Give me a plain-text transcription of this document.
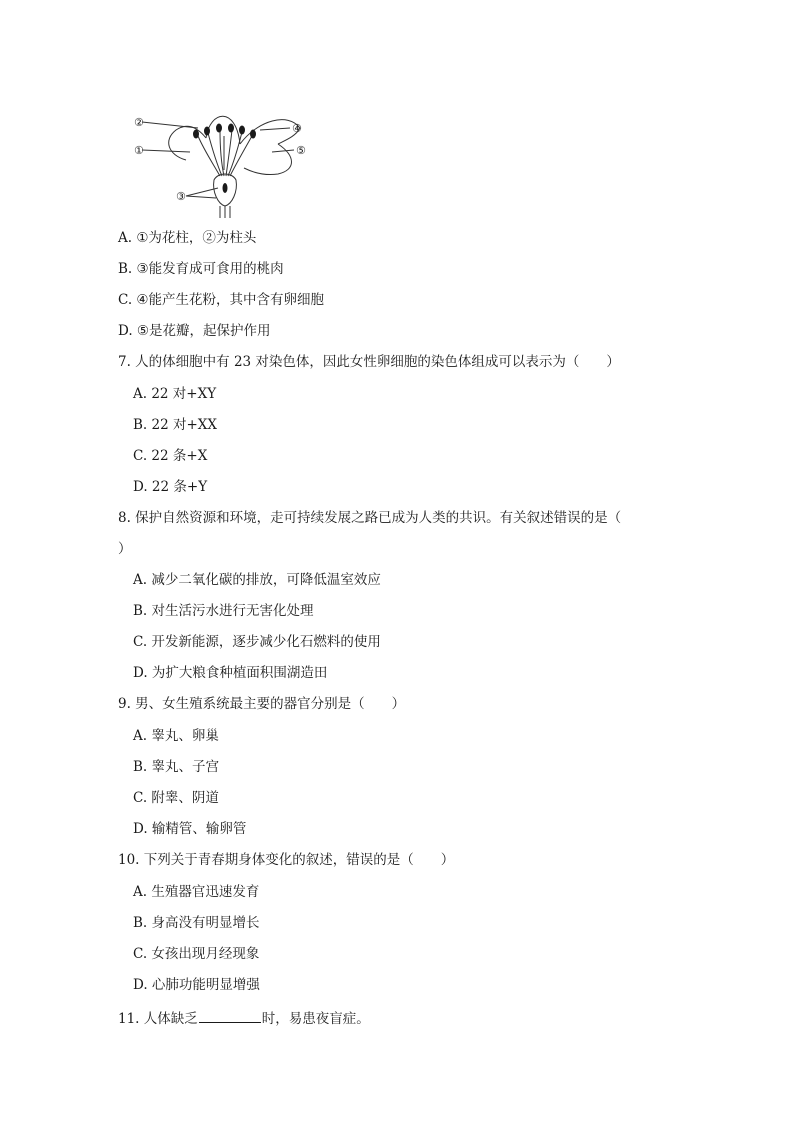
②
①
③
④
⑤
A. ①为花柱，②为柱头
B. ③能发育成可食用的桃肉
C. ④能产生花粉，其中含有卵细胞
D. ⑤是花瓣，起保护作用
7. 人的体细胞中有 23 对染色体，因此女性卵细胞的染色体组成可以表示为（　　）
A. 22 对+XY
B. 22 对+XX
C. 22 条+X
D. 22 条+Y
8. 保护自然资源和环境，走可持续发展之路已成为人类的共识。有关叙述错误的是（
）
A. 减少二氧化碳的排放，可降低温室效应
B. 对生活污水进行无害化处理
C. 开发新能源，逐步减少化石燃料的使用
D. 为扩大粮食种植面积围湖造田
9. 男、女生殖系统最主要的器官分别是（　　）
A. 睾丸、卵巢
B. 睾丸、子宫
C. 附睾、阴道
D. 输精管、输卵管
10. 下列关于青春期身体变化的叙述，错误的是（　　）
A. 生殖器官迅速发育
B. 身高没有明显增长
C. 女孩出现月经现象
D. 心肺功能明显增强
11. 人体缺乏	时，易患夜盲症。
